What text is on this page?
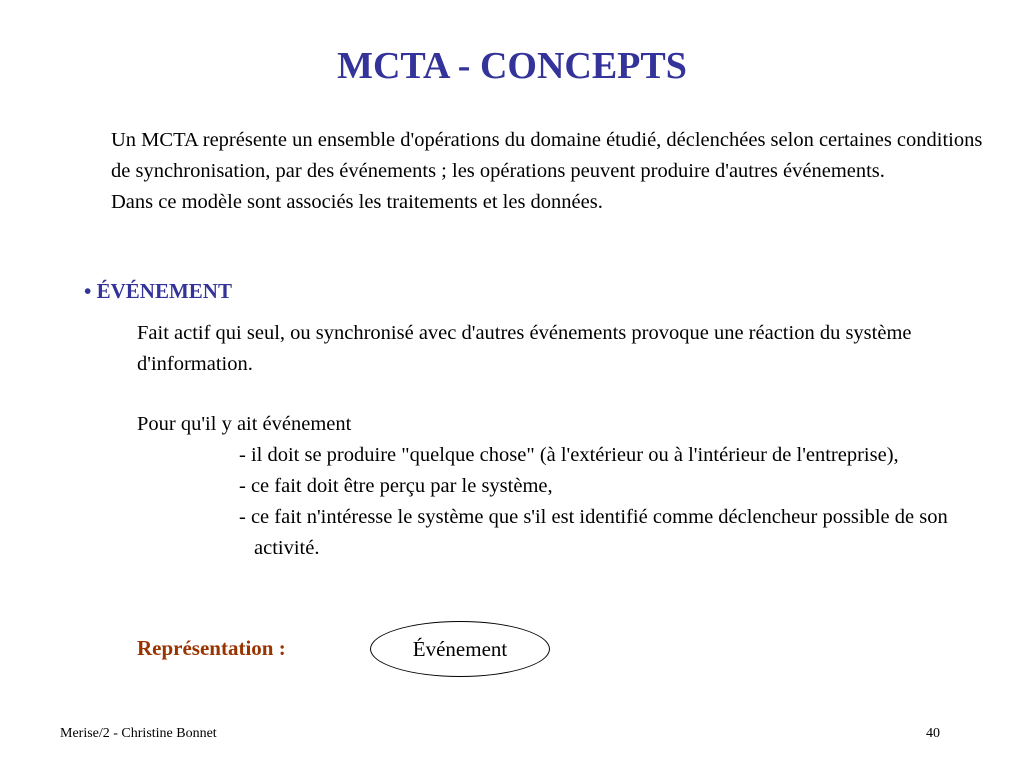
MCTA - CONCEPTS

Un MCTA représente un ensemble d'opérations du domaine étudié, déclenchées selon certaines conditions de synchronisation, par des événements ; les opérations peuvent produire d'autres événements.

Dans ce modèle sont associés les traitements et les données.

• ÉVÉNEMENT

Fait actif qui seul, ou synchronisé avec d'autres événements provoque une réaction du système d'information.

Pour qu'il y ait événement

- il doit se produire "quelque chose" (à l'extérieur ou à l'intérieur de l'entreprise),
- ce fait doit être perçu par le système,
- ce fait n'intéresse le système que s'il est identifié comme déclencheur possible de son activité.

Représentation :	Événement
Merise/2 - Christine Bonnet	40
